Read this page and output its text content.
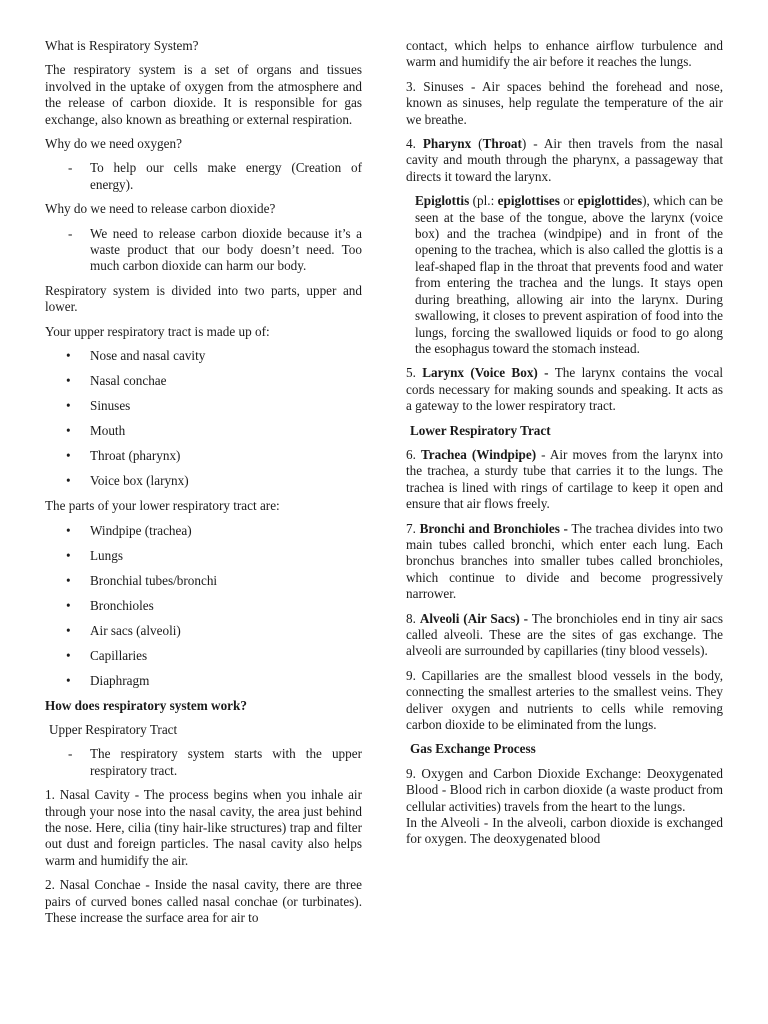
What is Respiratory System?

The respiratory system is a set of organs and tissues involved in the uptake of oxygen from the atmosphere and the release of carbon dioxide. It is responsible for gas exchange, also known as breathing or external respiration.

Why do we need oxygen?

- To help our cells make energy (Creation of energy).

Why do we need to release carbon dioxide?

- We need to release carbon dioxide because it’s a waste product that our body doesn’t need. Too much carbon dioxide can harm our body.

Respiratory system is divided into two parts, upper and lower.

Your upper respiratory tract is made up of:

• Nose and nasal cavity
• Nasal conchae
• Sinuses
• Mouth
• Throat (pharynx)
• Voice box (larynx)

The parts of your lower respiratory tract are:

• Windpipe (trachea)
• Lungs
• Bronchial tubes/bronchi
• Bronchioles
• Air sacs (alveoli)
• Capillaries
• Diaphragm

How does respiratory system work?

Upper Respiratory Tract

- The respiratory system starts with the upper respiratory tract.

1. Nasal Cavity - The process begins when you inhale air through your nose into the nasal cavity, the area just behind the nose. Here, cilia (tiny hair-like structures) trap and filter out dust and foreign particles. The nasal cavity also helps warm and humidify the air.

2. Nasal Conchae - Inside the nasal cavity, there are three pairs of curved bones called nasal conchae (or turbinates). These increase the surface area for air to

contact, which helps to enhance airflow turbulence and warm and humidify the air before it reaches the lungs.

3. Sinuses - Air spaces behind the forehead and nose, known as sinuses, help regulate the temperature of the air we breathe.

4. Pharynx (Throat) - Air then travels from the nasal cavity and mouth through the pharynx, a passageway that directs it toward the larynx.

Epiglottis (pl.: epiglottises or epiglottides), which can be seen at the base of the tongue, above the larynx (voice box) and the trachea (windpipe) and in front of the opening to the trachea, which is also called the glottis is a leaf-shaped flap in the throat that prevents food and water from entering the trachea and the lungs. It stays open during breathing, allowing air into the larynx. During swallowing, it closes to prevent aspiration of food into the lungs, forcing the swallowed liquids or food to go along the esophagus toward the stomach instead.

5. Larynx (Voice Box) - The larynx contains the vocal cords necessary for making sounds and speaking. It acts as a gateway to the lower respiratory tract.

Lower Respiratory Tract

6. Trachea (Windpipe) - Air moves from the larynx into the trachea, a sturdy tube that carries it to the lungs. The trachea is lined with rings of cartilage to keep it open and ensure that air flows freely.

7. Bronchi and Bronchioles - The trachea divides into two main tubes called bronchi, which enter each lung. Each bronchus branches into smaller tubes called bronchioles, which continue to divide and become progressively narrower.

8. Alveoli (Air Sacs) - The bronchioles end in tiny air sacs called alveoli. These are the sites of gas exchange. The alveoli are surrounded by capillaries (tiny blood vessels).

9. Capillaries are the smallest blood vessels in the body, connecting the smallest arteries to the smallest veins. They deliver oxygen and nutrients to cells while removing carbon dioxide to be eliminated from the lungs.

Gas Exchange Process

9. Oxygen and Carbon Dioxide Exchange: Deoxygenated Blood - Blood rich in carbon dioxide (a waste product from cellular activities) travels from the heart to the lungs.

In the Alveoli - In the alveoli, carbon dioxide is exchanged for oxygen. The deoxygenated blood
